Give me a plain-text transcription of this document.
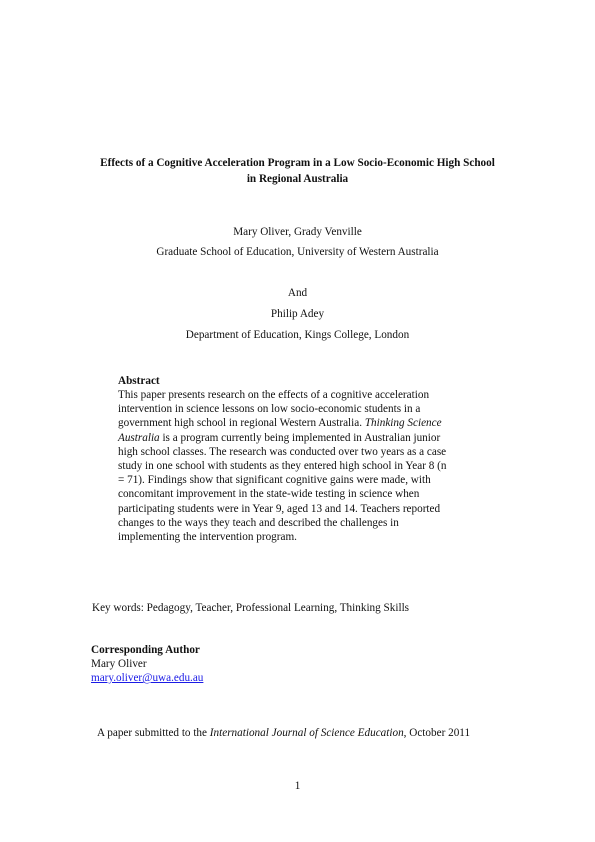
Effects of a Cognitive Acceleration Program in a Low Socio-Economic High School in Regional Australia

Mary Oliver, Grady Venville

Graduate School of Education, University of Western Australia

And

Philip Adey

Department of Education, Kings College, London

Abstract

This paper presents research on the effects of a cognitive acceleration
intervention in science lessons on low socio-economic students in a
government high school in regional Western Australia. Thinking Science
Australia is a program currently being implemented in Australian junior
high school classes. The research was conducted over two years as a case
study in one school with students as they entered high school in Year 8 (n
= 71). Findings show that significant cognitive gains were made, with
concomitant improvement in the state-wide testing in science when
participating students were in Year 9, aged 13 and 14. Teachers reported
changes to the ways they teach and described the challenges in
implementing the intervention program.

Key words: Pedagogy, Teacher, Professional Learning, Thinking Skills

Corresponding Author

Mary Oliver

mary.oliver@uwa.edu.au

A paper submitted to the International Journal of Science Education, October 2011

1
